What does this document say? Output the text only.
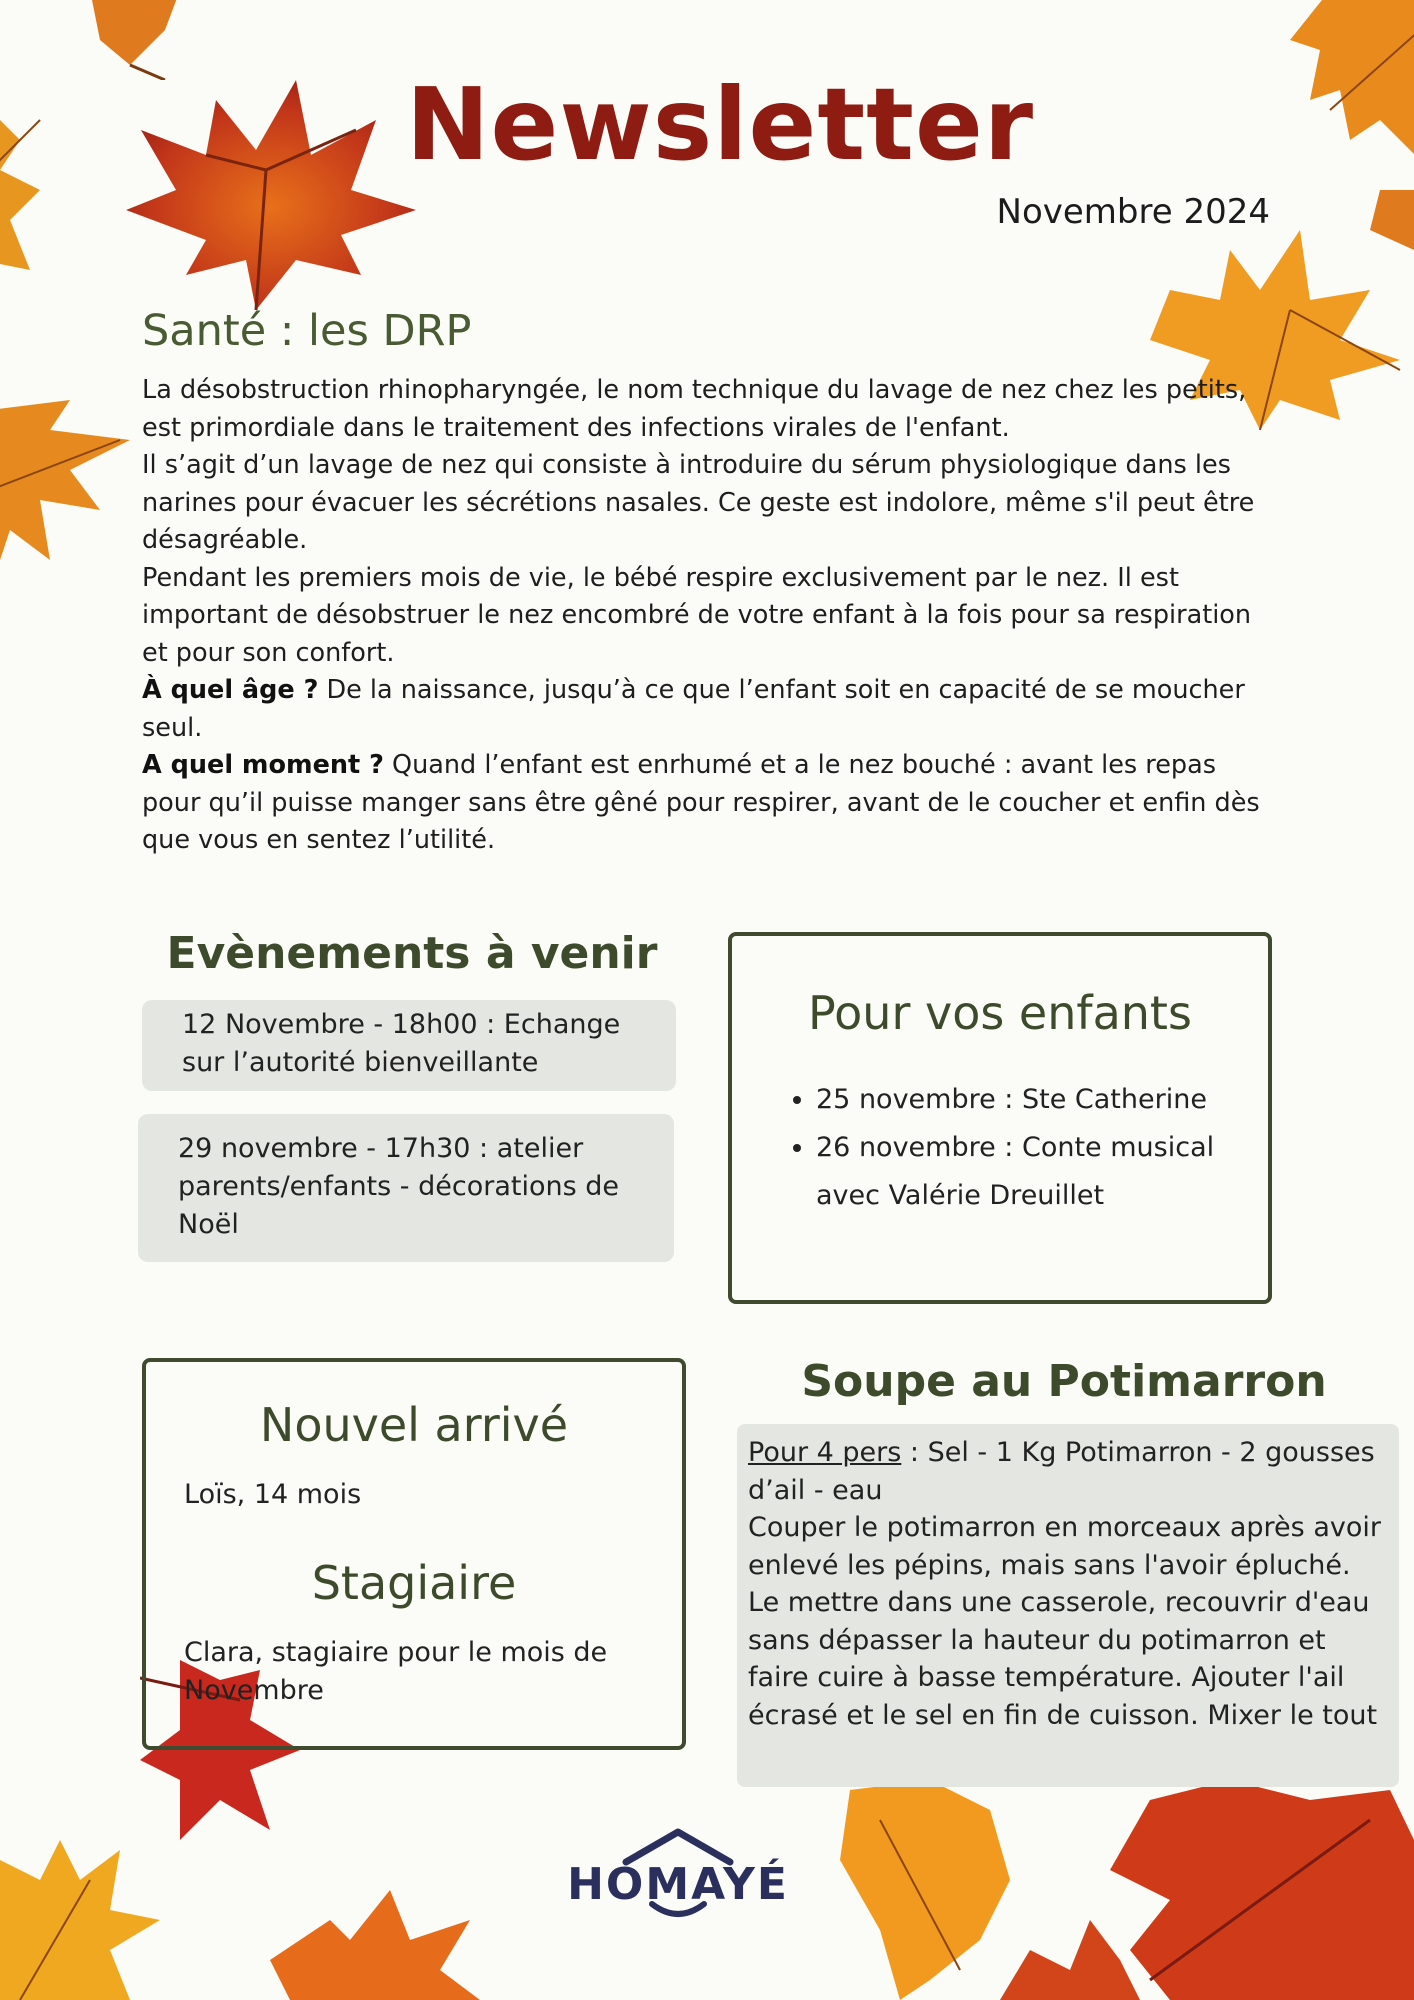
Newsletter
Novembre 2024
Santé : les DRP

La désobstruction rhinopharyngée, le nom technique du lavage de nez chez les petits, est primordiale dans le traitement des infections virales de l'enfant.

Il s’agit d’un lavage de nez qui consiste à introduire du sérum physiologique dans les narines pour évacuer les sécrétions nasales. Ce geste est indolore, même s'il peut être désagréable.

Pendant les premiers mois de vie, le bébé respire exclusivement par le nez. Il est important de désobstruer le nez encombré de votre enfant à la fois pour sa respiration et pour son confort.

À quel âge ? De la naissance, jusqu’à ce que l’enfant soit en capacité de se moucher seul.

A quel moment ? Quand l’enfant est enrhumé et a le nez bouché : avant les repas pour qu’il puisse manger sans être gêné pour respirer, avant de le coucher et enfin dès que vous en sentez l’utilité.

Evènements à venir
12 Novembre - 18h00 : Echange sur l’autorité bienveillante
29 novembre - 17h30 : atelier parents/enfants - décorations de Noël
Pour vos enfants
• 25 novembre : Ste Catherine
• 26 novembre : Conte musical avec Valérie Dreuillet
Nouvel arrivé
Loïs, 14 mois
Stagiaire
Clara, stagiaire pour le mois de Novembre
Soupe au Potimarron
Pour 4 pers : Sel - 1 Kg Potimarron - 2 gousses d’ail - eau
Couper le potimarron en morceaux après avoir enlevé les pépins, mais sans l'avoir épluché. Le mettre dans une casserole, recouvrir d'eau sans dépasser la hauteur du potimarron et faire cuire à basse température. Ajouter l'ail écrasé et le sel en fin de cuisson. Mixer le tout
HOMAYÉ
